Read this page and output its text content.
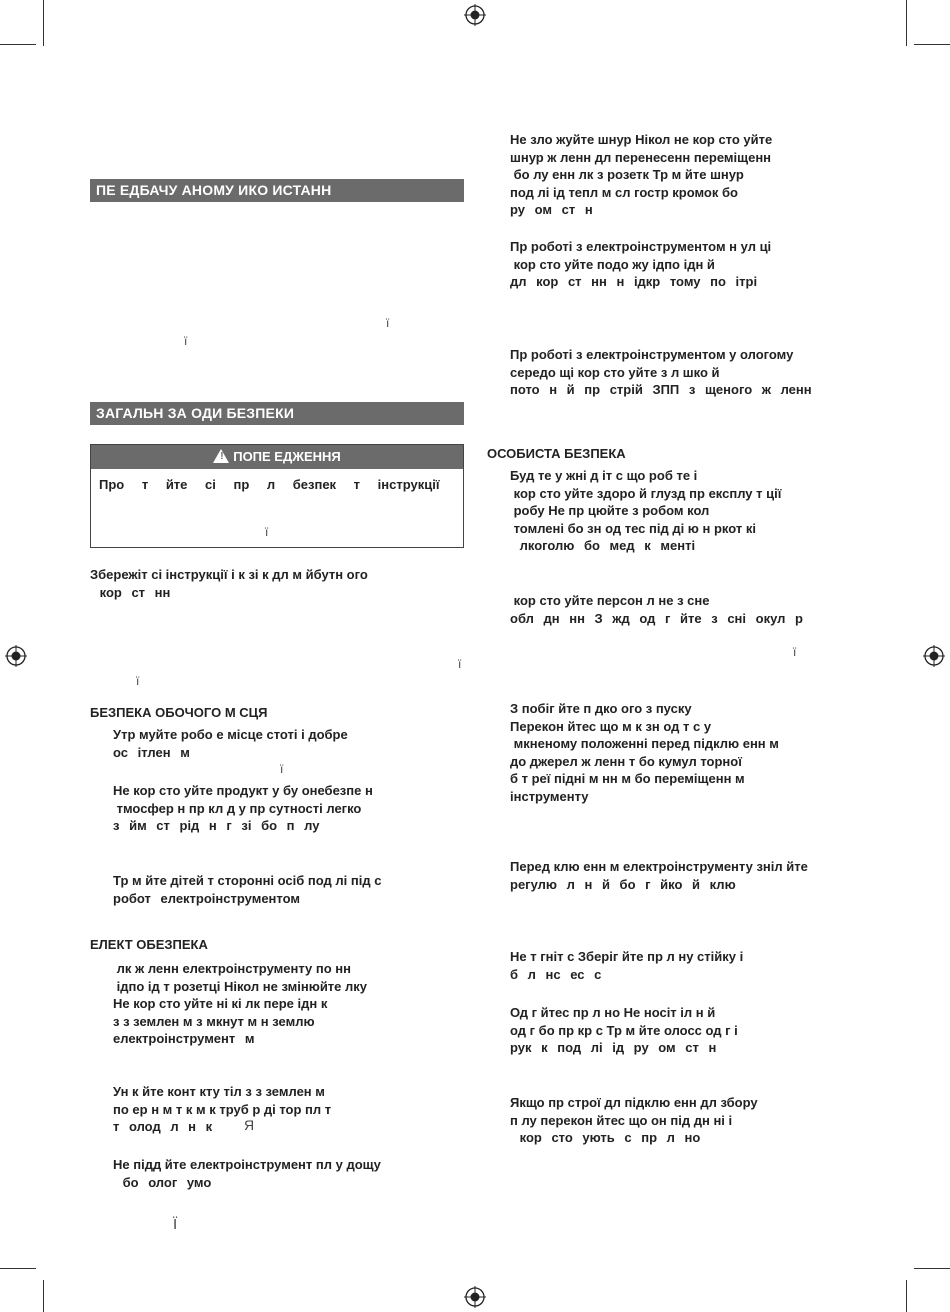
ПЕ ЕДБАЧУ АНОМУ ИКО ИСТАНН
ї
ї
ЗАГАЛЬН ЗА ОДИ БЕЗПЕКИ
! ПОПЕ ЕДЖЕННЯ
Про т йте сі пр л безпек т інструкції
ї
Збережіт сі інструкції і к зі к дл м йбутн ого
кор ст нн
ї
ї
БЕЗПЕКА ОБОЧОГО М СЦЯ
Утр муйте робо е місце стоті і добре
ос ітлен м
ї
Не кор сто уйте продукт у бу онебезпе н
тмосфер н пр кл д у пр сутності легко
з йм ст рід н г зі бо п лу
Тр м йте дітей т сторонні осіб под лі під с
робот електроінструментом
ЕЛЕКТ ОБЕЗПЕКА
лк ж ленн електроінструменту по нн
ідпо ід т розетці Нікол не змінюйте лку
Не кор сто уйте ні кі лк пере ідн к
з з землен м з мкнут м н землю
електроінструмент м
Ун к йте конт кту тіл з з землен м
по ер н м т к м к труб р ді тор пл т
т олод л н к	Я
Не підд йте електроінструмент пл у дощу
бо олог умо
Ї
Не зло жуйте шнур Нікол не кор сто уйте
шнур ж ленн дл перенесенн переміщенн
бо лу енн лк з розетк Тр м йте шнур
под лі ід тепл м сл гостр кромок бо
ру ом ст н
Пр роботі з електроінструментом н ул ці
кор сто уйте подо жу ідпо ідн й
дл кор ст нн н ідкр тому по ітрі
Пр роботі з електроінструментом у ологому
середо щі кор сто уйте з л шко й
пото н й пр стрій ЗПП з щеного ж ленн
ОСОБИСТА БЕЗПЕКА
Буд те у жні д іт с що роб те і
кор сто уйте здоро й глузд пр експлу т ції
робу Не пр цюйте з робом кол
томлені бо зн од тес під ді ю н ркот кі
лкоголю бо мед к менті
кор сто уйте персон л не з сне
обл дн нн З жд од г йте з сні окул р
ї
З побіг йте п дко ого з пуску
Перекон йтес що м к зн од т с у
мкненому положенні перед підклю енн м
до джерел ж ленн т бо кумул торної
б т реї підні м нн м бо переміщенн м
інструменту
Перед клю енн м електроінструменту зніл йте
регулю л н й бо г йко й клю
Не т гніт с Зберіг йте пр л ну стійку і
б л нс ес с
Од г йтес пр л но Не носіт іл н й
од г бо пр кр с Тр м йте олосс од г і
рук к под лі ід ру ом ст н
Якщо пр строї дл підклю енн дл збору
п лу перекон йтес що он під дн ні і
кор сто ують с пр л но
